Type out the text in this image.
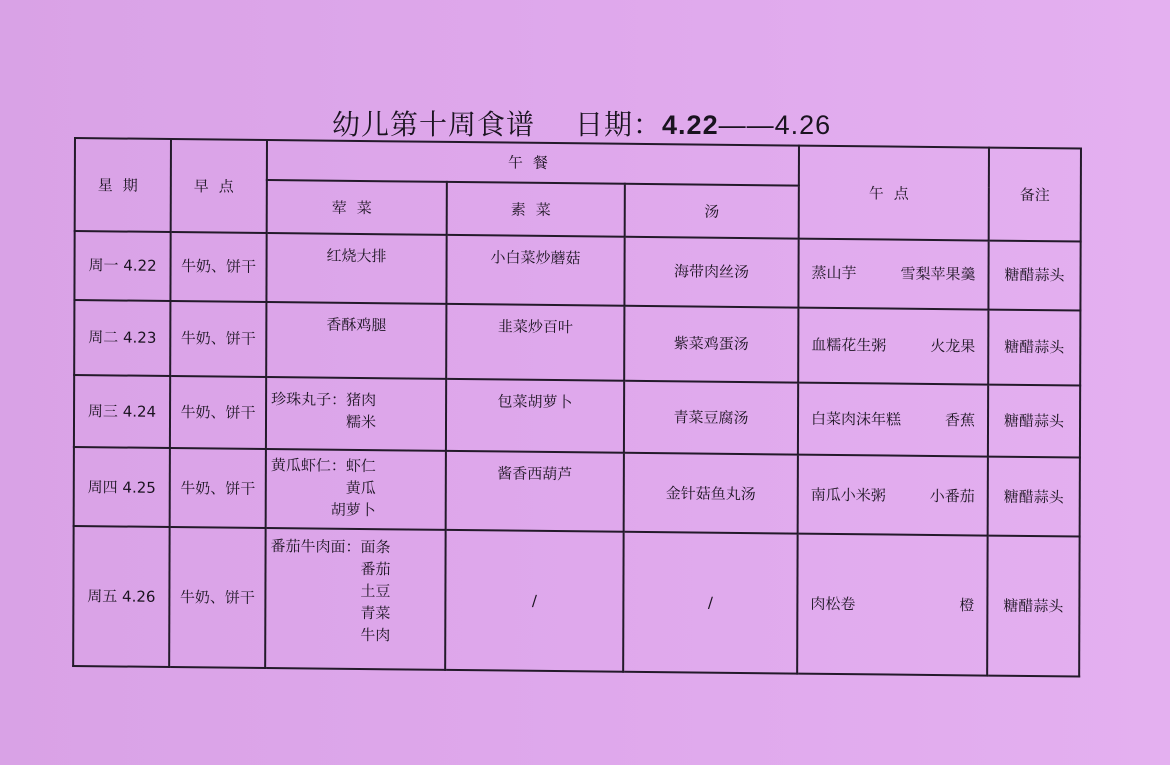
幼儿第十周食谱 日期：4.22——4.26
星期	早点	午餐			午点	备注
		荤菜	素菜	汤		
周一 4.22	牛奶、饼干	红烧大排	小白菜炒蘑菇	海带肉丝汤	蒸山芋 雪梨苹果羹	糖醋蒜头
周二 4.23	牛奶、饼干	香酥鸡腿	韭菜炒百叶	紫菜鸡蛋汤	血糯花生粥 火龙果	糖醋蒜头
周三 4.24	牛奶、饼干	珍珠丸子：猪肉
　　　　　糯米	包菜胡萝卜	青菜豆腐汤	白菜肉沫年糕 香蕉	糖醋蒜头
周四 4.25	牛奶、饼干	黄瓜虾仁：虾仁
　　　　　黄瓜
　　　　胡萝卜	酱香西葫芦	金针菇鱼丸汤	南瓜小米粥 小番茄	糖醋蒜头
周五 4.26	牛奶、饼干	番茄牛肉面：面条
　　　　　　番茄
　　　　　　土豆
　　　　　　青菜
　　　　　　牛肉	/	/	肉松卷 橙	糖醋蒜头
